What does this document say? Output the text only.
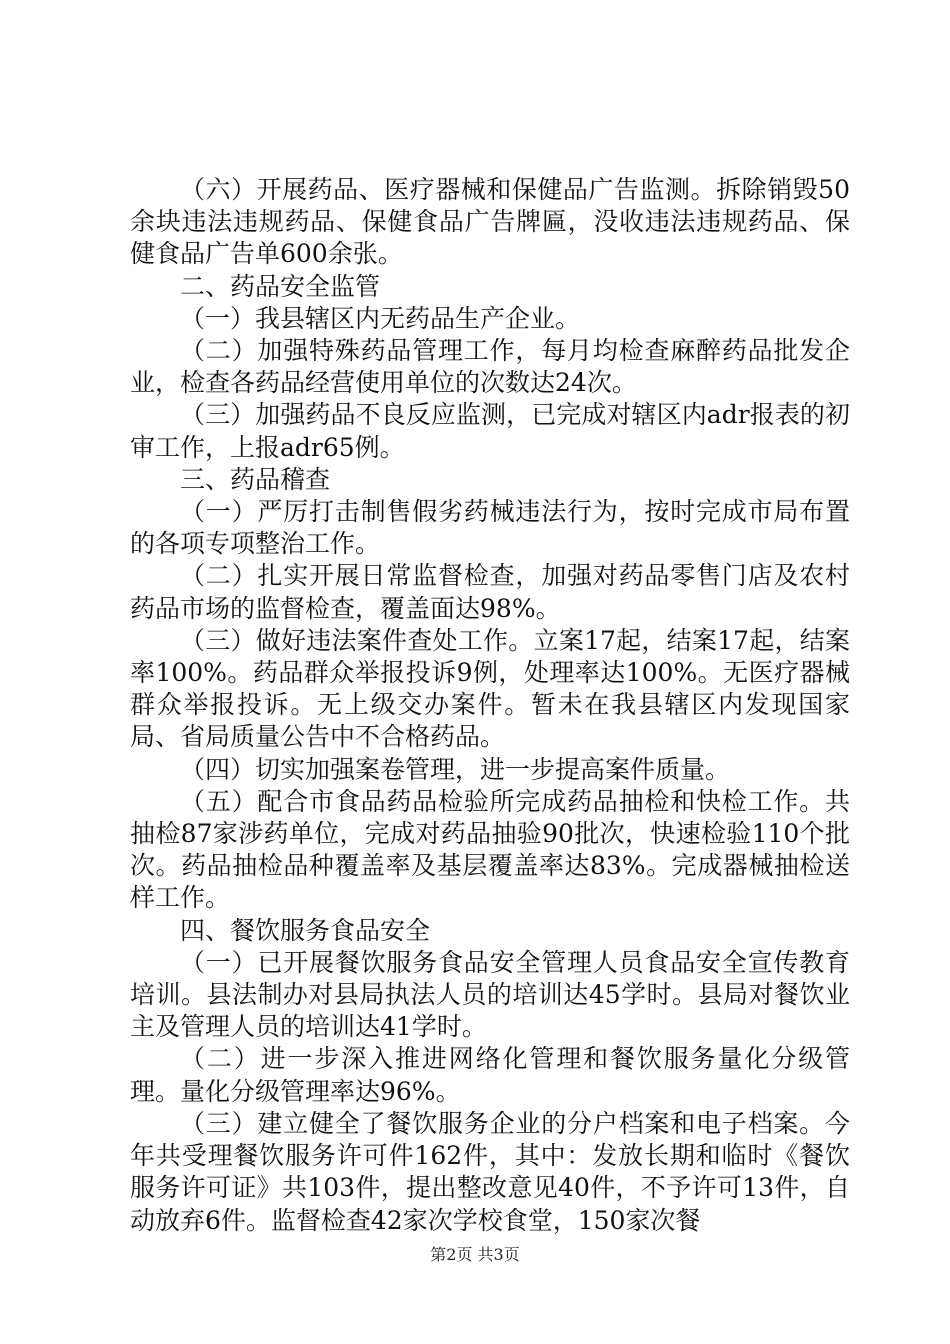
（六）开展药品、医疗器械和保健品广告监测。拆除销毁50余块违法违规药品、保健食品广告牌匾，没收违法违规药品、保健食品广告单600余张。

二、药品安全监管

（一）我县辖区内无药品生产企业。

（二）加强特殊药品管理工作，每月均检查麻醉药品批发企业，检查各药品经营使用单位的次数达24次。

（三）加强药品不良反应监测，已完成对辖区内adr报表的初审工作，上报adr65例。

三、药品稽查

（一）严厉打击制售假劣药械违法行为，按时完成市局布置的各项专项整治工作。

（二）扎实开展日常监督检查，加强对药品零售门店及农村药品市场的监督检查，覆盖面达98%。

（三）做好违法案件查处工作。立案17起，结案17起，结案率100%。药品群众举报投诉9例，处理率达100%。无医疗器械群众举报投诉。无上级交办案件。暂未在我县辖区内发现国家局、省局质量公告中不合格药品。

（四）切实加强案卷管理，进一步提高案件质量。

（五）配合市食品药品检验所完成药品抽检和快检工作。共抽检87家涉药单位，完成对药品抽验90批次，快速检验110个批次。药品抽检品种覆盖率及基层覆盖率达83%。完成器械抽检送样工作。

四、餐饮服务食品安全

（一）已开展餐饮服务食品安全管理人员食品安全宣传教育培训。县法制办对县局执法人员的培训达45学时。县局对餐饮业主及管理人员的培训达41学时。

（二）进一步深入推进网络化管理和餐饮服务量化分级管理。量化分级管理率达96%。

（三）建立健全了餐饮服务企业的分户档案和电子档案。今年共受理餐饮服务许可件162件，其中：发放长期和临时《餐饮服务许可证》共103件，提出整改意见40件，不予许可13件，自动放弃6件。监督检查42家次学校食堂，150家次餐

第2页 共3页
